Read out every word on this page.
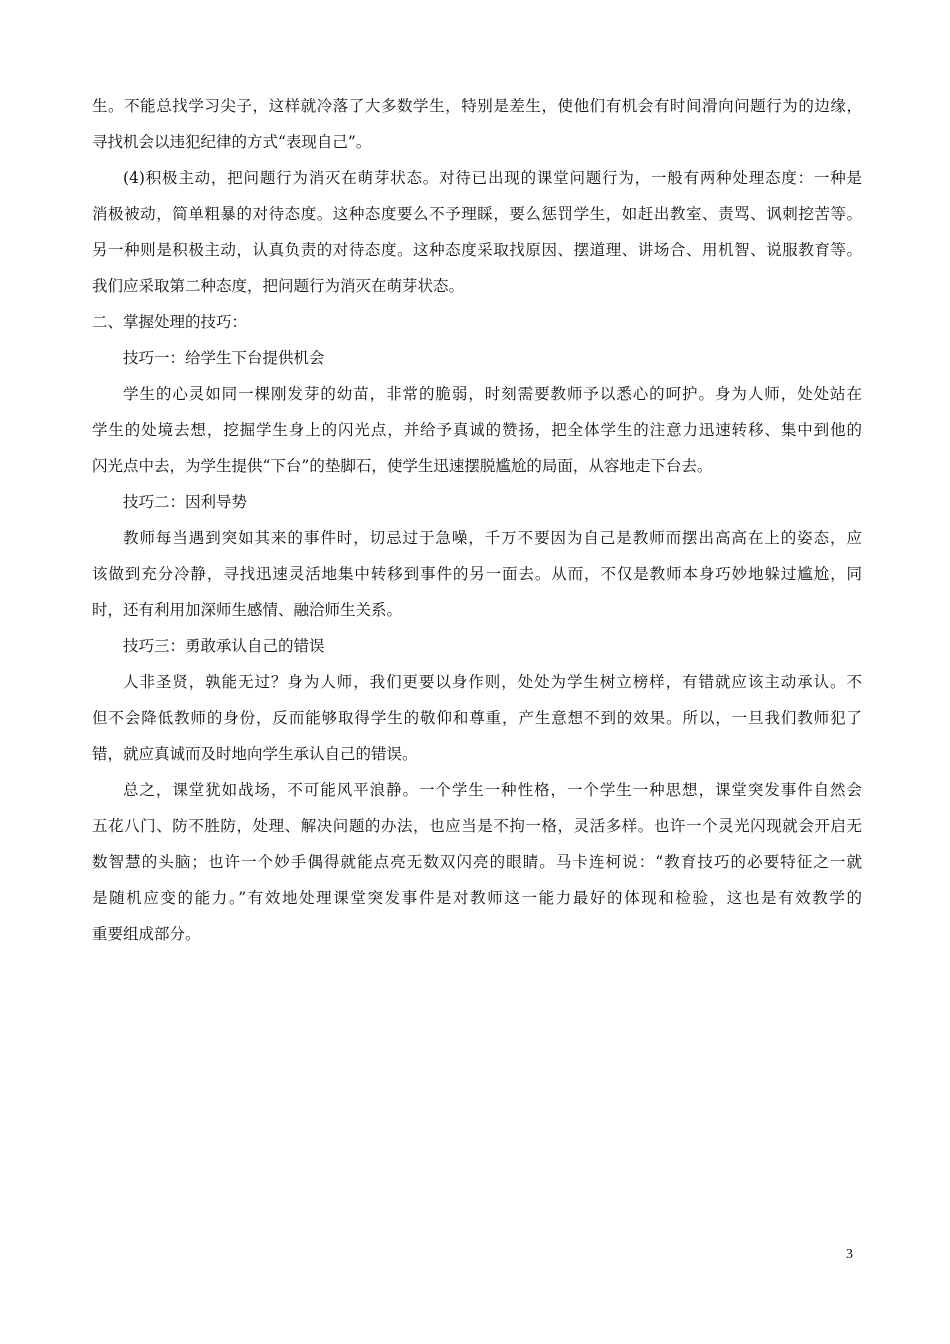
生。不能总找学习尖子，这样就冷落了大多数学生，特别是差生，使他们有机会有时间滑向问题行为的边缘，
寻找机会以违犯纪律的方式“表现自己”。
(4)积极主动，把问题行为消灭在萌芽状态。对待已出现的课堂问题行为，一般有两种处理态度：一种是
消极被动，简单粗暴的对待态度。这种态度要么不予理睬，要么惩罚学生，如赶出教室、责骂、讽刺挖苦等。
另一种则是积极主动，认真负责的对待态度。这种态度采取找原因、摆道理、讲场合、用机智、说服教育等。
我们应采取第二种态度，把问题行为消灭在萌芽状态。
二、掌握处理的技巧：
技巧一：给学生下台提供机会
学生的心灵如同一棵刚发芽的幼苗，非常的脆弱，时刻需要教师予以悉心的呵护。身为人师，处处站在
学生的处境去想，挖掘学生身上的闪光点，并给予真诚的赞扬，把全体学生的注意力迅速转移、集中到他的
闪光点中去，为学生提供“下台”的垫脚石，使学生迅速摆脱尴尬的局面，从容地走下台去。
技巧二：因利导势
教师每当遇到突如其来的事件时，切忌过于急噪，千万不要因为自己是教师而摆出高高在上的姿态，应
该做到充分冷静，寻找迅速灵活地集中转移到事件的另一面去。从而，不仅是教师本身巧妙地躲过尴尬，同
时，还有利用加深师生感情、融洽师生关系。
技巧三：勇敢承认自己的错误
人非圣贤，孰能无过？身为人师，我们更要以身作则，处处为学生树立榜样，有错就应该主动承认。不
但不会降低教师的身份，反而能够取得学生的敬仰和尊重，产生意想不到的效果。所以，一旦我们教师犯了
错，就应真诚而及时地向学生承认自己的错误。
总之，课堂犹如战场，不可能风平浪静。一个学生一种性格，一个学生一种思想，课堂突发事件自然会
五花八门、防不胜防，处理、解决问题的办法，也应当是不拘一格，灵活多样。也许一个灵光闪现就会开启无
数智慧的头脑；也许一个妙手偶得就能点亮无数双闪亮的眼睛。马卡连柯说：“教育技巧的必要特征之一就
是随机应变的能力。”有效地处理课堂突发事件是对教师这一能力最好的体现和检验，这也是有效教学的
重要组成部分。
3
